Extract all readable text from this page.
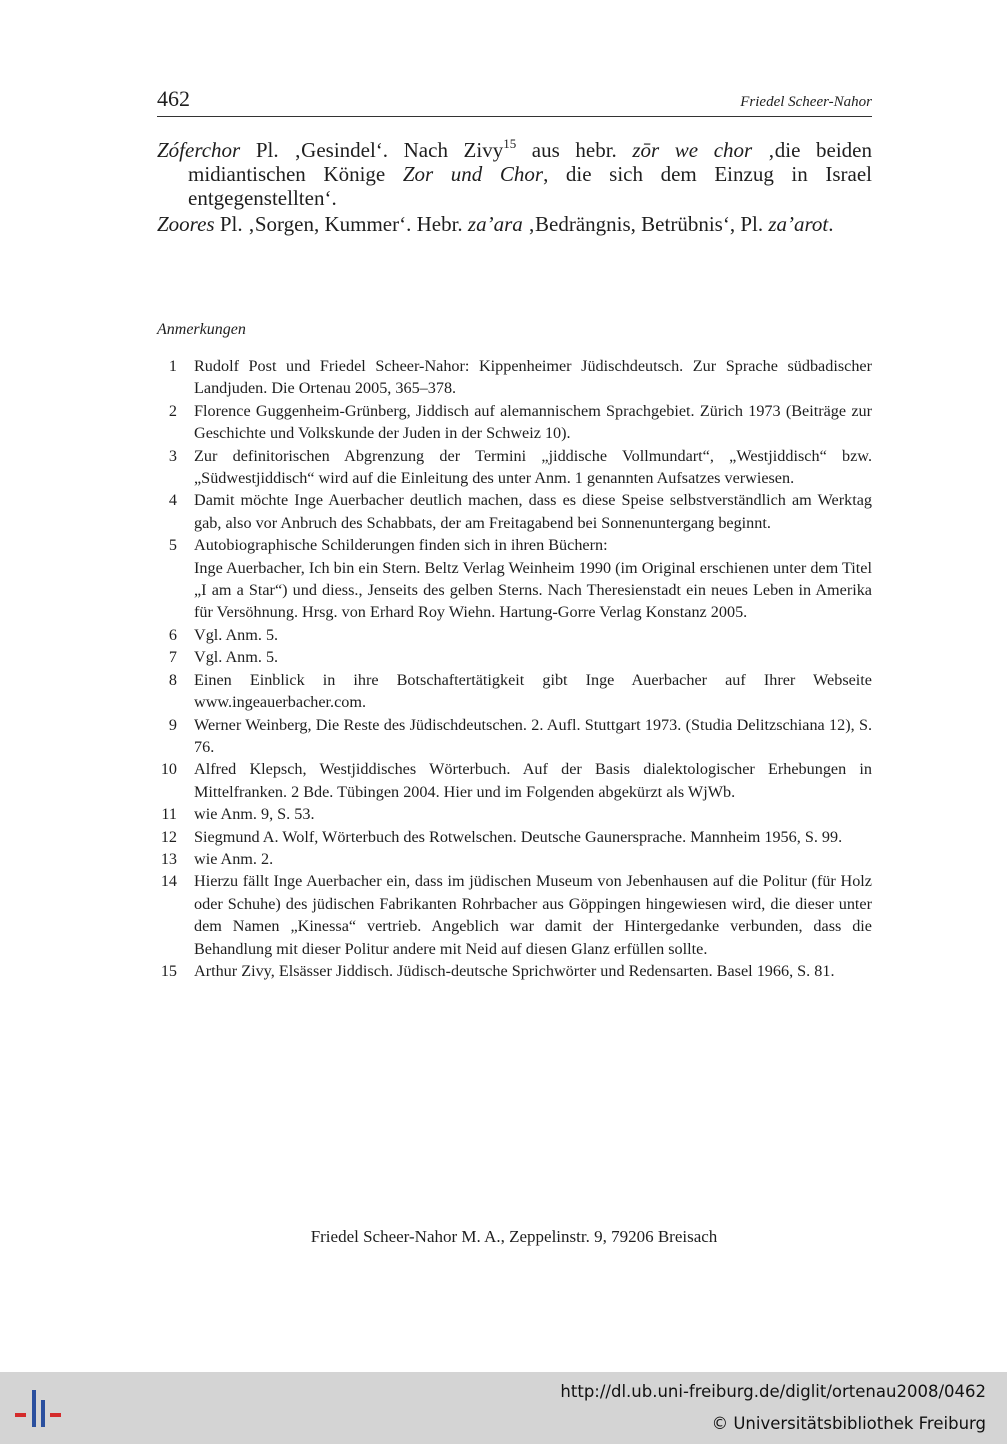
462	Friedel Scheer-Nahor

Zóferchor Pl. ‚Gesindel‘. Nach Zivy$^{15}$ aus hebr. zōr we chor ‚die beiden midiantischen Könige Zor und Chor, die sich dem Einzug in Israel entgegenstellten‘.

Zoores Pl. ‚Sorgen, Kummer‘. Hebr. za’ara ‚Bedrängnis, Betrübnis‘, Pl. za’arot.

Anmerkungen
1 Rudolf Post und Friedel Scheer-Nahor: Kippenheimer Jüdischdeutsch. Zur Sprache südbadischer Landjuden. Die Ortenau 2005, 365–378.
2 Florence Guggenheim-Grünberg, Jiddisch auf alemannischem Sprachgebiet. Zürich 1973 (Beiträge zur Geschichte und Volkskunde der Juden in der Schweiz 10).
3 Zur definitorischen Abgrenzung der Termini „jiddische Vollmundart“, „Westjiddisch“ bzw. „Südwestjiddisch“ wird auf die Einleitung des unter Anm. 1 genannten Aufsatzes verwiesen.
4 Damit möchte Inge Auerbacher deutlich machen, dass es diese Speise selbstverständlich am Werktag gab, also vor Anbruch des Schabbats, der am Freitagabend bei Sonnenuntergang beginnt.
5 Autobiographische Schilderungen finden sich in ihren Büchern:
Inge Auerbacher, Ich bin ein Stern. Beltz Verlag Weinheim 1990 (im Original erschienen unter dem Titel „I am a Star“) und diess., Jenseits des gelben Sterns. Nach Theresienstadt ein neues Leben in Amerika für Versöhnung. Hrsg. von Erhard Roy Wiehn. Hartung-Gorre Verlag Konstanz 2005.
6 Vgl. Anm. 5.
7 Vgl. Anm. 5.
8 Einen Einblick in ihre Botschaftertätigkeit gibt Inge Auerbacher auf Ihrer Webseite www.ingeauerbacher.com.
9 Werner Weinberg, Die Reste des Jüdischdeutschen. 2. Aufl. Stuttgart 1973. (Studia Delitzschiana 12), S. 76.
10 Alfred Klepsch, Westjiddisches Wörterbuch. Auf der Basis dialektologischer Erhebungen in Mittelfranken. 2 Bde. Tübingen 2004. Hier und im Folgenden abgekürzt als WjWb.
11 wie Anm. 9, S. 53.
12 Siegmund A. Wolf, Wörterbuch des Rotwelschen. Deutsche Gaunersprache. Mannheim 1956, S. 99.
13 wie Anm. 2.
14 Hierzu fällt Inge Auerbacher ein, dass im jüdischen Museum von Jebenhausen auf die Politur (für Holz oder Schuhe) des jüdischen Fabrikanten Rohrbacher aus Göppingen hingewiesen wird, die dieser unter dem Namen „Kinessa“ vertrieb. Angeblich war damit der Hintergedanke verbunden, dass die Behandlung mit dieser Politur andere mit Neid auf diesen Glanz erfüllen sollte.
15 Arthur Zivy, Elsässer Jiddisch. Jüdisch-deutsche Sprichwörter und Redensarten. Basel 1966, S. 81.
Friedel Scheer-Nahor M. A., Zeppelinstr. 9, 79206 Breisach
http://dl.ub.uni-freiburg.de/diglit/ortenau2008/0462
© Universitätsbibliothek Freiburg
